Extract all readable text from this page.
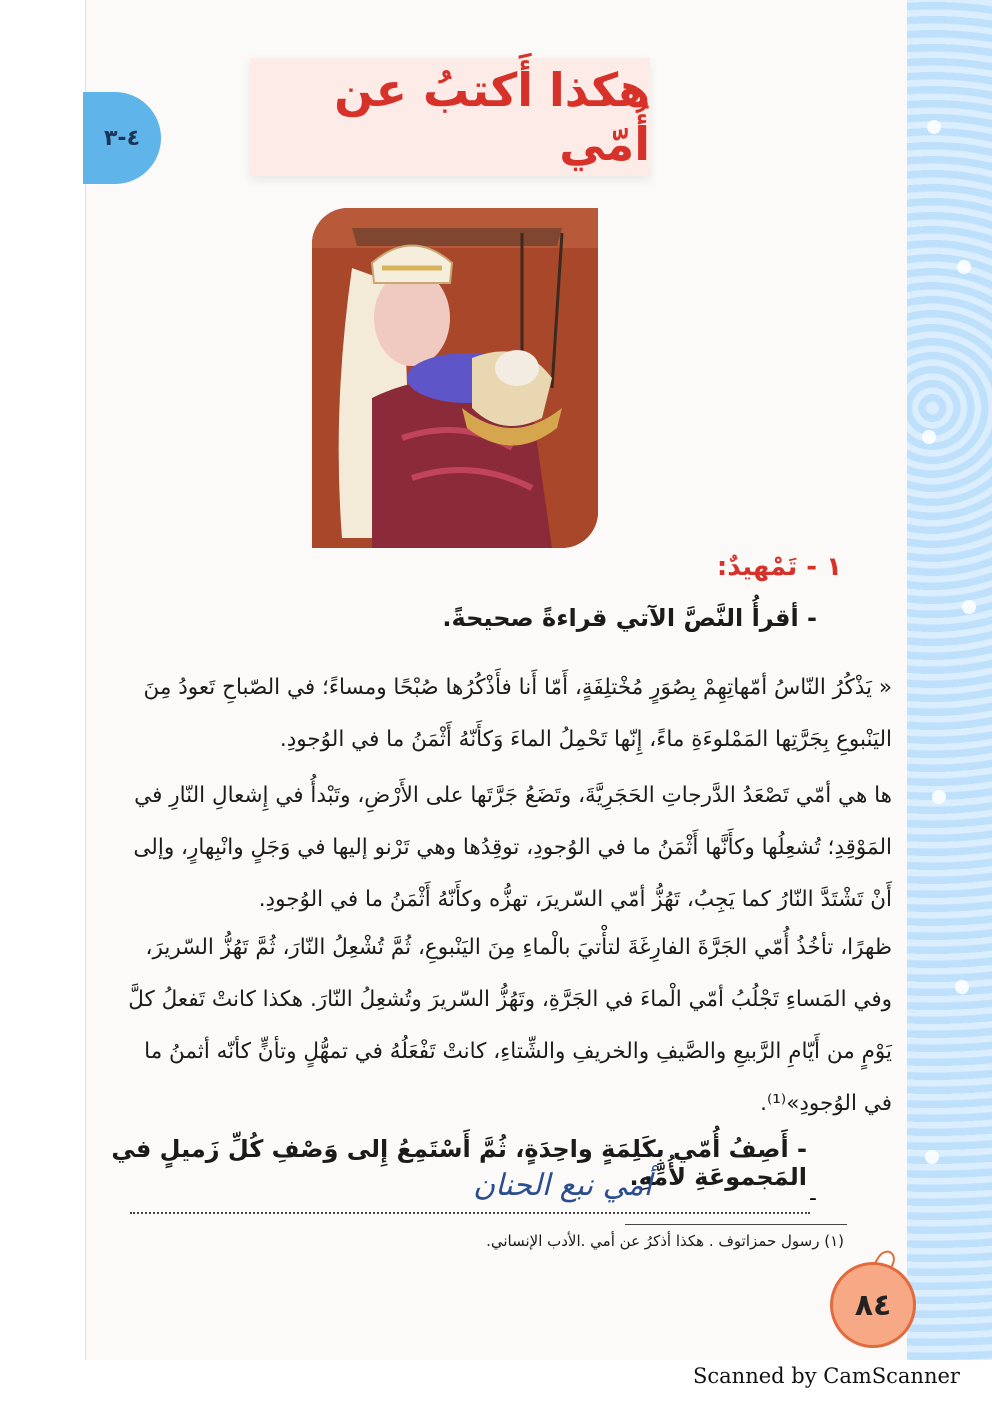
٤-٣
هكذا أَكتبُ عن أُمّي
١ - تَمْهيدٌ:
- أقرأُ النَّصَّ الآتي قراءةً صحيحةً.
« يَذْكُرُ النّاسُ أمّهاتِهِمْ بِصُوَرٍ مُخْتلِفَةٍ، أَمّا أَنا فأَذْكُرُها صُبْحًا ومساءً؛ في الصّباحِ تَعودُ مِنَ اليَنْبوعِ بِجَرَّتِها المَمْلوءَةِ ماءً، إِنّها تَحْمِلُ الماءَ وَكأَنّهُ أَثْمَنُ ما في الوُجودِ.
ها هي أمّي تَصْعَدُ الدَّرجاتِ الحَجَرِيَّةَ، وتَضَعُ جَرَّتَها على الأَرْضِ، وتَبْدأُ في إِشعالِ النّارِ في المَوْقِدِ؛ تُشعِلُها وكأَنَّها أَثْمَنُ ما في الوُجودِ، توقِدُها وهي تَرْنو إليها في وَجَلٍ وانْبِهارٍ، وإلى أَنْ تَشْتَدَّ النّارُ كما يَجِبُ، تَهُزُّ أمّي السّريرَ، تهزُّه وكأَنّهُ أَثْمَنُ ما في الوُجودِ.
ظهرًا، تأخُذُ أُمّي الجَرَّةَ الفارِغَةَ لتأْتيَ بالْماءِ مِنَ اليَنْبوعِ، ثُمَّ تُشْعِلُ النّارَ، ثُمَّ تَهُزُّ السّريرَ، وفي المَساءِ تَجْلُبُ أمّي الْماءَ في الجَرَّةِ، وتَهُزُّ السّريرَ وتُشعِلُ النّارَ. هكذا كانتْ تَفعلُ كلَّ يَوْمٍ من أَيّامِ الرَّبيعِ والصَّيفِ والخريفِ والشِّتاءِ، كانتْ تَفْعَلُهُ في تمهُّلٍ وتأنٍّ كأنّه أثمنُ ما في الوُجودِ»⁽¹⁾.
- أَصِفُ أُمّي بِكَلِمَةٍ واحِدَةٍ، ثُمَّ أَسْتَمِعُ إِلى وَصْفِ كُلِّ زَميلٍ في المَجموعَةِ لأُمِّهِ.
-
أمي نبع الحنان
(١) رسول حمزاتوف . هكذا أذكرُ عن أمي .الأدب الإنساني.
٨٤
Scanned by CamScanner
